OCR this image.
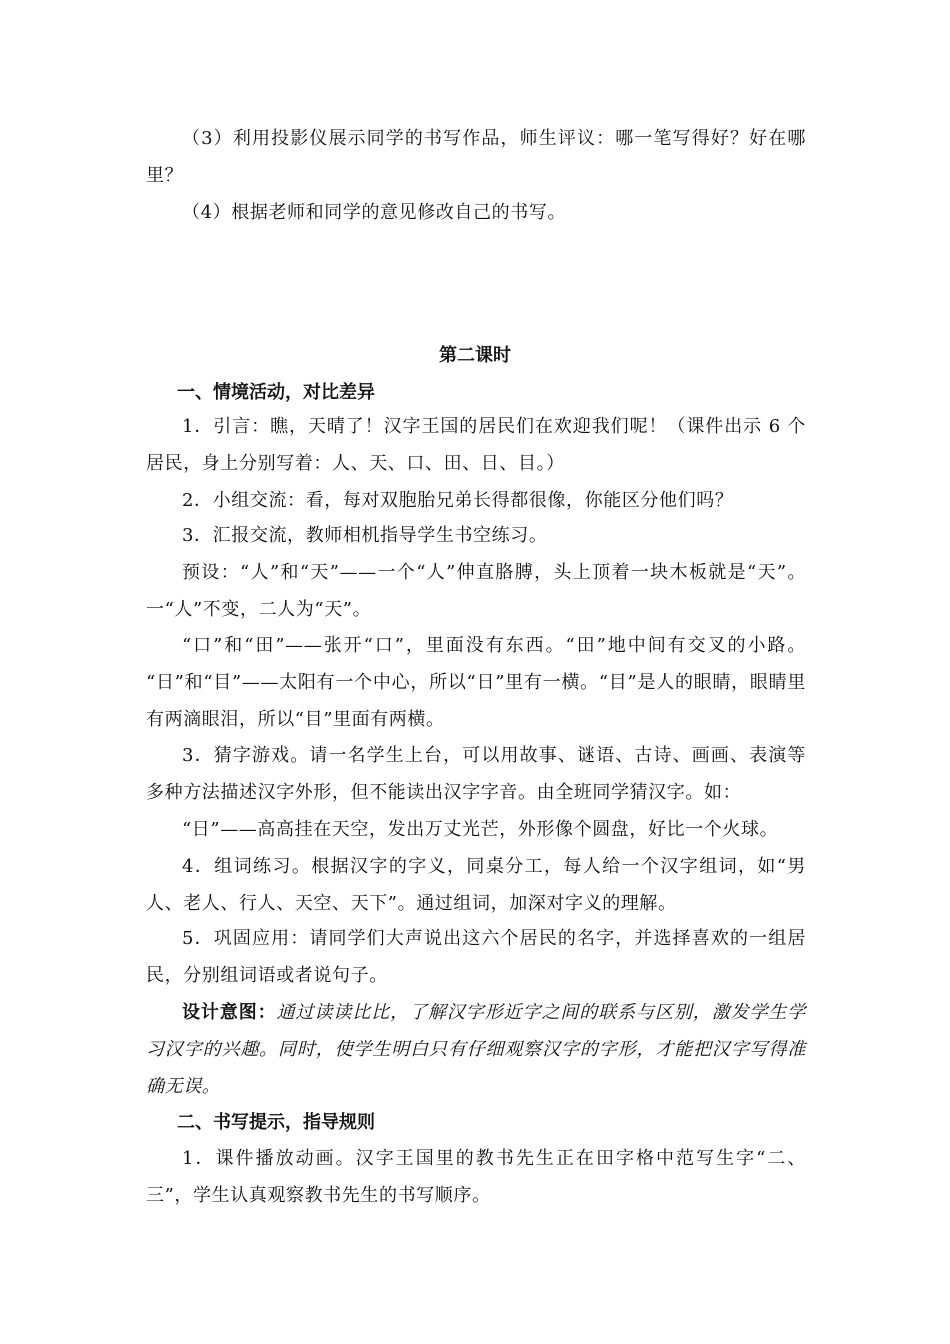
（3）利用投影仪展示同学的书写作品，师生评议：哪一笔写得好？好在哪里？

（4）根据老师和同学的意见修改自己的书写。

第二课时
一、情境活动，对比差异

1．引言：瞧，天晴了！汉字王国的居民们在欢迎我们呢！（课件出示 6 个居民，身上分别写着：人、天、口、田、日、目。）

2．小组交流：看，每对双胞胎兄弟长得都很像，你能区分他们吗？

3．汇报交流，教师相机指导学生书空练习。

预设：“人”和“天”——一个“人”伸直胳膊，头上顶着一块木板就是“天”。一“人”不变，二人为“天”。

“口”和“田”——张开“口”，里面没有东西。“田”地中间有交叉的小路。 “日”和“目”——太阳有一个中心，所以“日”里有一横。“目”是人的眼睛，眼睛里有两滴眼泪，所以“目”里面有两横。

3．猜字游戏。请一名学生上台，可以用故事、谜语、古诗、画画、表演等多种方法描述汉字外形，但不能读出汉字字音。由全班同学猜汉字。如：

“日”——高高挂在天空，发出万丈光芒，外形像个圆盘，好比一个火球。

4．组词练习。根据汉字的字义，同桌分工，每人给一个汉字组词，如“男人、老人、行人、天空、天下”。通过组词，加深对字义的理解。

5．巩固应用：请同学们大声说出这六个居民的名字，并选择喜欢的一组居民，分别组词语或者说句子。

设计意图：通过读读比比，了解汉字形近字之间的联系与区别，激发学生学习汉字的兴趣。同时，使学生明白只有仔细观察汉字的字形，才能把汉字写得准确无误。

二、书写提示，指导规则

1．课件播放动画。汉字王国里的教书先生正在田字格中范写生字“二、三”，学生认真观察教书先生的书写顺序。
